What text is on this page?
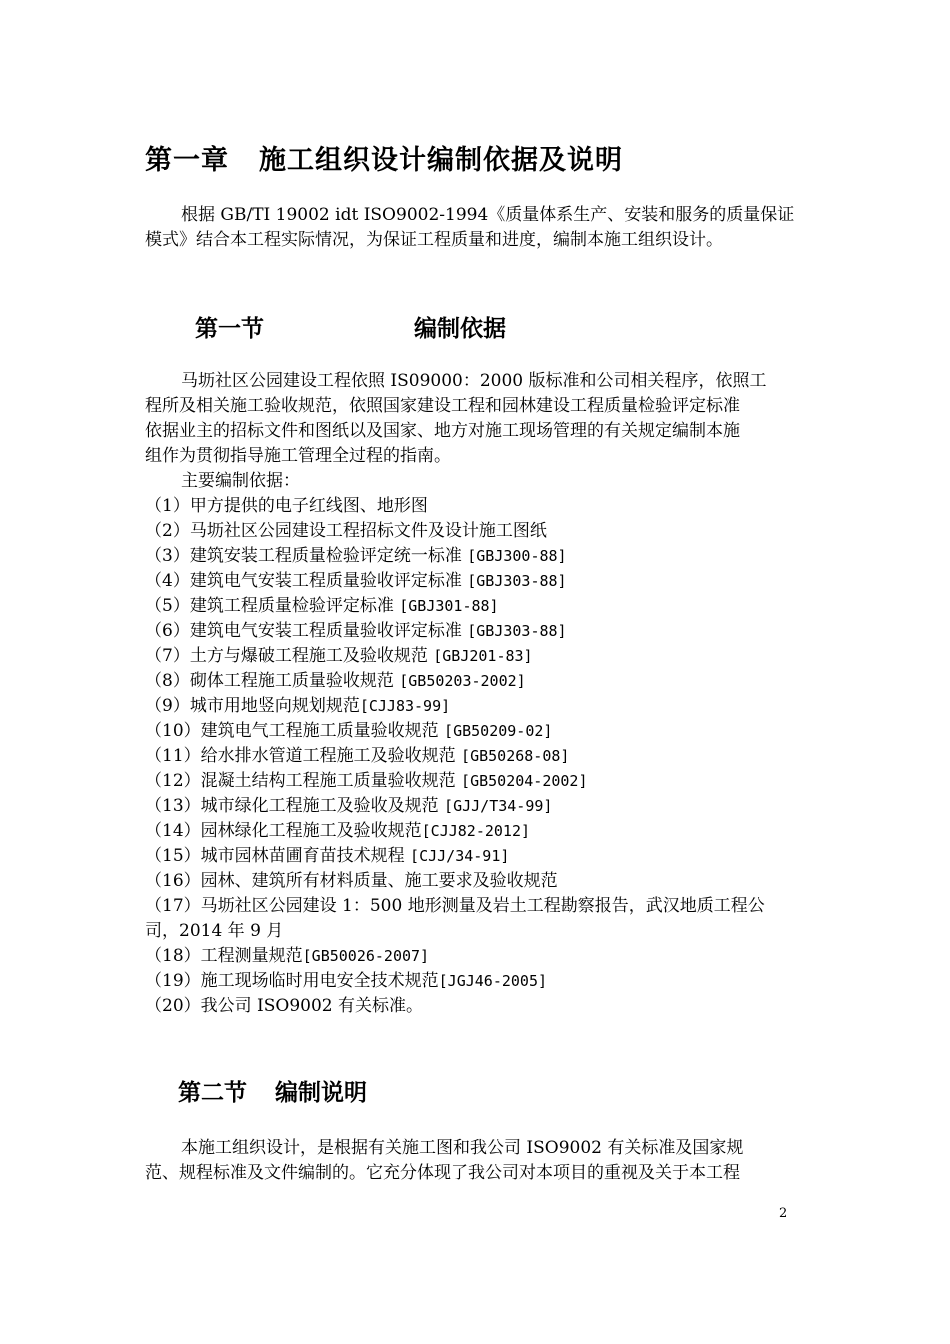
第一章 施工组织设计编制依据及说明
根据 GB/TI 19002 idt ISO9002-1994《质量体系生产、安装和服务的质量保证
模式》结合本工程实际情况，为保证工程质量和进度，编制本施工组织设计。
第一节	编制依据
马坜社区公园建设工程依照 IS09000：2000 版标准和公司相关程序，依照工
程所及相关施工验收规范，依照国家建设工程和园林建设工程质量检验评定标准
依据业主的招标文件和图纸以及国家、地方对施工现场管理的有关规定编制本施
组作为贯彻指导施工管理全过程的指南。
主要编制依据：
（1）甲方提供的电子红线图、地形图
（2）马坜社区公园建设工程招标文件及设计施工图纸
（3）建筑安装工程质量检验评定统一标准 [GBJ300-88]
（4）建筑电气安装工程质量验收评定标准 [GBJ303-88]
（5）建筑工程质量检验评定标准 [GBJ301-88]
（6）建筑电气安装工程质量验收评定标准 [GBJ303-88]
（7）土方与爆破工程施工及验收规范 [GBJ201-83]
（8）砌体工程施工质量验收规范 [GB50203-2002]
（9）城市用地竖向规划规范[CJJ83-99]
（10）建筑电气工程施工质量验收规范 [GB50209-02]
（11）给水排水管道工程施工及验收规范 [GB50268-08]
（12）混凝土结构工程施工质量验收规范 [GB50204-2002]
（13）城市绿化工程施工及验收及规范 [GJJ/T34-99]
（14）园林绿化工程施工及验收规范[CJJ82-2012]
（15）城市园林苗圃育苗技术规程 [CJJ/34-91]
（16）园林、建筑所有材料质量、施工要求及验收规范
（17）马坜社区公园建设 1：500 地形测量及岩土工程勘察报告，武汉地质工程公
司，2014 年 9 月
（18）工程测量规范[GB50026-2007]
（19）施工现场临时用电安全技术规范[JGJ46-2005]
（20）我公司 ISO9002 有关标准。
第二节 编制说明
本施工组织设计，是根据有关施工图和我公司 ISO9002 有关标准及国家规
范、规程标准及文件编制的。它充分体现了我公司对本项目的重视及关于本工程
2
